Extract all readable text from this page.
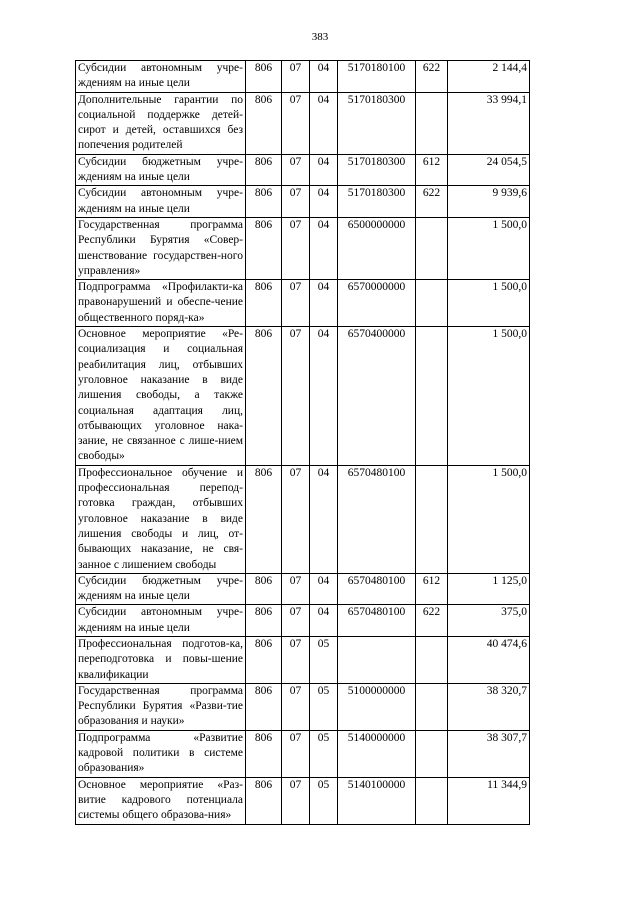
383
Субсидии автономным учре-ждениям на иные цели	806	07	04	5170180100	622	2 144,4
Дополнительные гарантии по социальной поддержке детей-сирот и детей, оставшихся без попечения родителей	806	07	04	5170180300		33 994,1
Субсидии бюджетным учре-ждениям на иные цели	806	07	04	5170180300	612	24 054,5
Субсидии автономным учре-ждениям на иные цели	806	07	04	5170180300	622	9 939,6
Государственная программа Республики Бурятия «Совер-шенствование государствен-ного управления»	806	07	04	6500000000		1 500,0
Подпрограмма «Профилакти-ка правонарушений и обеспе-чение общественного поряд-ка»	806	07	04	6570000000		1 500,0
Основное мероприятие «Ре-социализация и социальная реабилитация лиц, отбывших уголовное наказание в виде лишения свободы, а также социальная адаптация лиц, отбывающих уголовное нака-зание, не связанное с лише-нием свободы»	806	07	04	6570400000		1 500,0
Профессиональное обучение и профессиональная перепод-готовка граждан, отбывших уголовное наказание в виде лишения свободы и лиц, от-бывающих наказание, не свя-занное с лишением свободы	806	07	04	6570480100		1 500,0
Субсидии бюджетным учре-ждениям на иные цели	806	07	04	6570480100	612	1 125,0
Субсидии автономным учре-ждениям на иные цели	806	07	04	6570480100	622	375,0
Профессиональная подготов-ка, переподготовка и повы-шение квалификации	806	07	05			40 474,6
Государственная программа Республики Бурятия «Разви-тие образования и науки»	806	07	05	5100000000		38 320,7
Подпрограмма «Развитие кадровой политики в системе образования»	806	07	05	5140000000		38 307,7
Основное мероприятие «Раз-витие кадрового потенциала системы общего образова-ния»	806	07	05	5140100000		11 344,9
